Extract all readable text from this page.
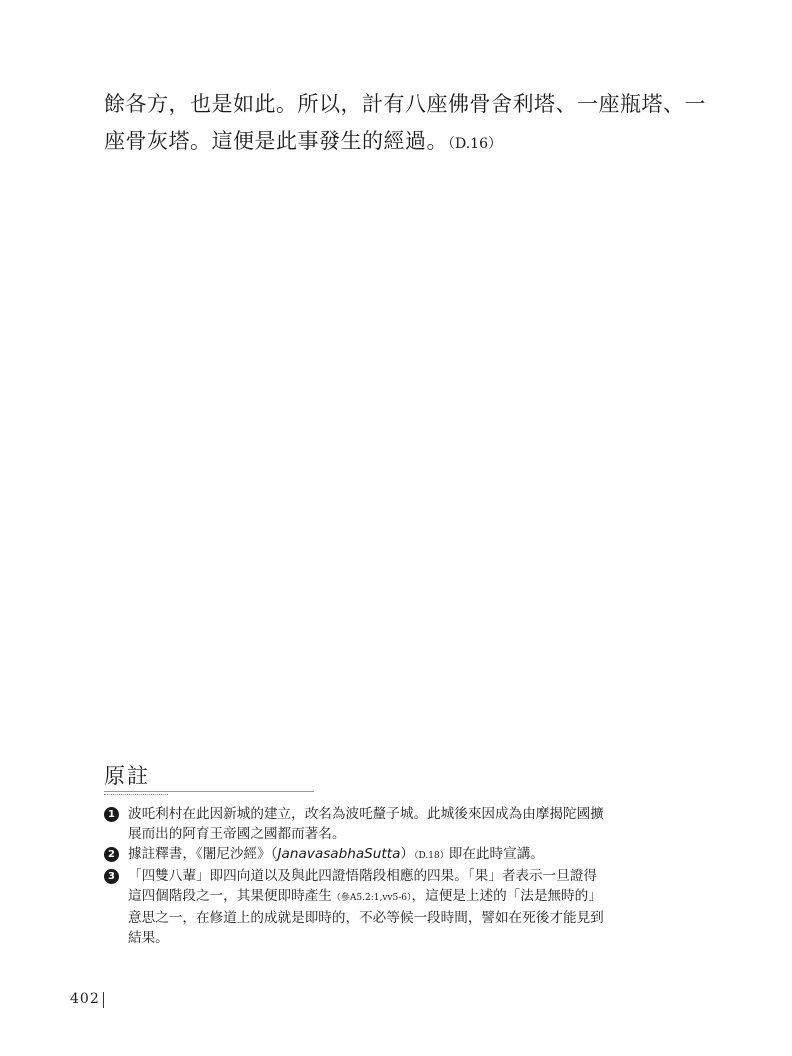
餘各方，也是如此。所以，計有八座佛骨舍利塔、一座瓶塔、一
座骨灰塔。這便是此事發生的經過。（D.16）
原註
1 波吒利村在此因新城的建立，改名為波吒釐子城。此城後來因成為由摩揭陀國擴
展而出的阿育王帝國之國都而著名。
2 據註釋書，《闍尼沙經》（JanavasabhaSutta）（D.18）即在此時宣講。
3 「四雙八輩」即四向道以及與此四證悟階段相應的四果。「果」者表示一旦證得
這四個階段之一，其果便即時產生（參A5.2:1,vv5-6），這便是上述的「法是無時的」
意思之一，在修道上的成就是即時的，不必等候一段時間，譬如在死後才能見到
結果。
402
